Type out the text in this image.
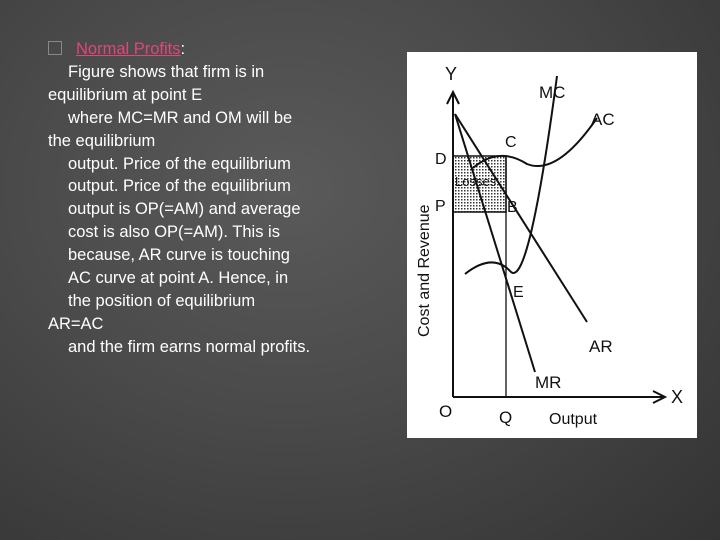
Normal Profits:
Figure shows that firm is in
equilibrium at point E
where MC=MR and OM will be
the equilibrium
output. Price of the equilibrium
output. Price of the equilibrium
output is OP(=AM) and average
cost is also OP(=AM). This is
because, AR curve is touching
AC curve at point A. Hence, in
the position of equilibrium
AR=AC
and the firm earns normal profits.
Losses
Y
X
O	Q Output
Cost and Revenue
D
P
C
B
E
MC
AC
AR
MR
